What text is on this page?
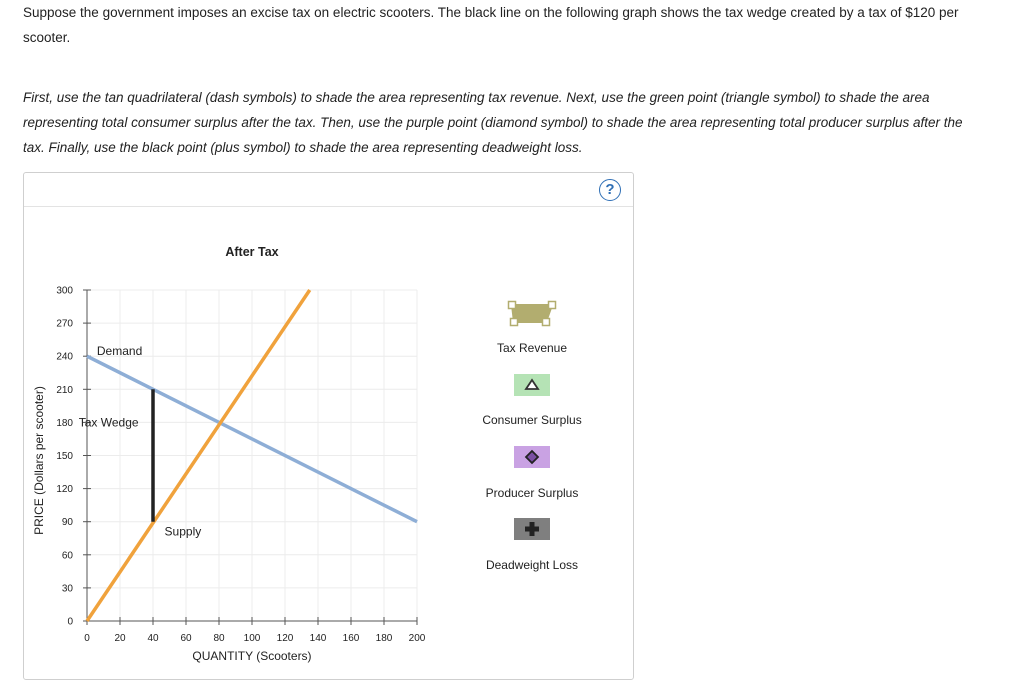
Suppose the government imposes an excise tax on electric scooters. The black line on the following graph shows the tax wedge created by a tax of $120 per scooter.
First, use the tan quadrilateral (dash symbols) to shade the area representing tax revenue. Next, use the green point (triangle symbol) to shade the area representing total consumer surplus after the tax. Then, use the purple point (diamond symbol) to shade the area representing total producer surplus after the tax. Finally, use the black point (plus symbol) to shade the area representing deadweight loss.
?
After Tax
0 20 40 60 80 100 120 140 160 180 200
0
30
60
90
120
150
180
210
240
270
300
QUANTITY (Scooters)
PRICE (Dollars per scooter)
Demand
Supply
Tax Wedge
Tax Revenue
Consumer Surplus
Producer Surplus
Deadweight Loss
